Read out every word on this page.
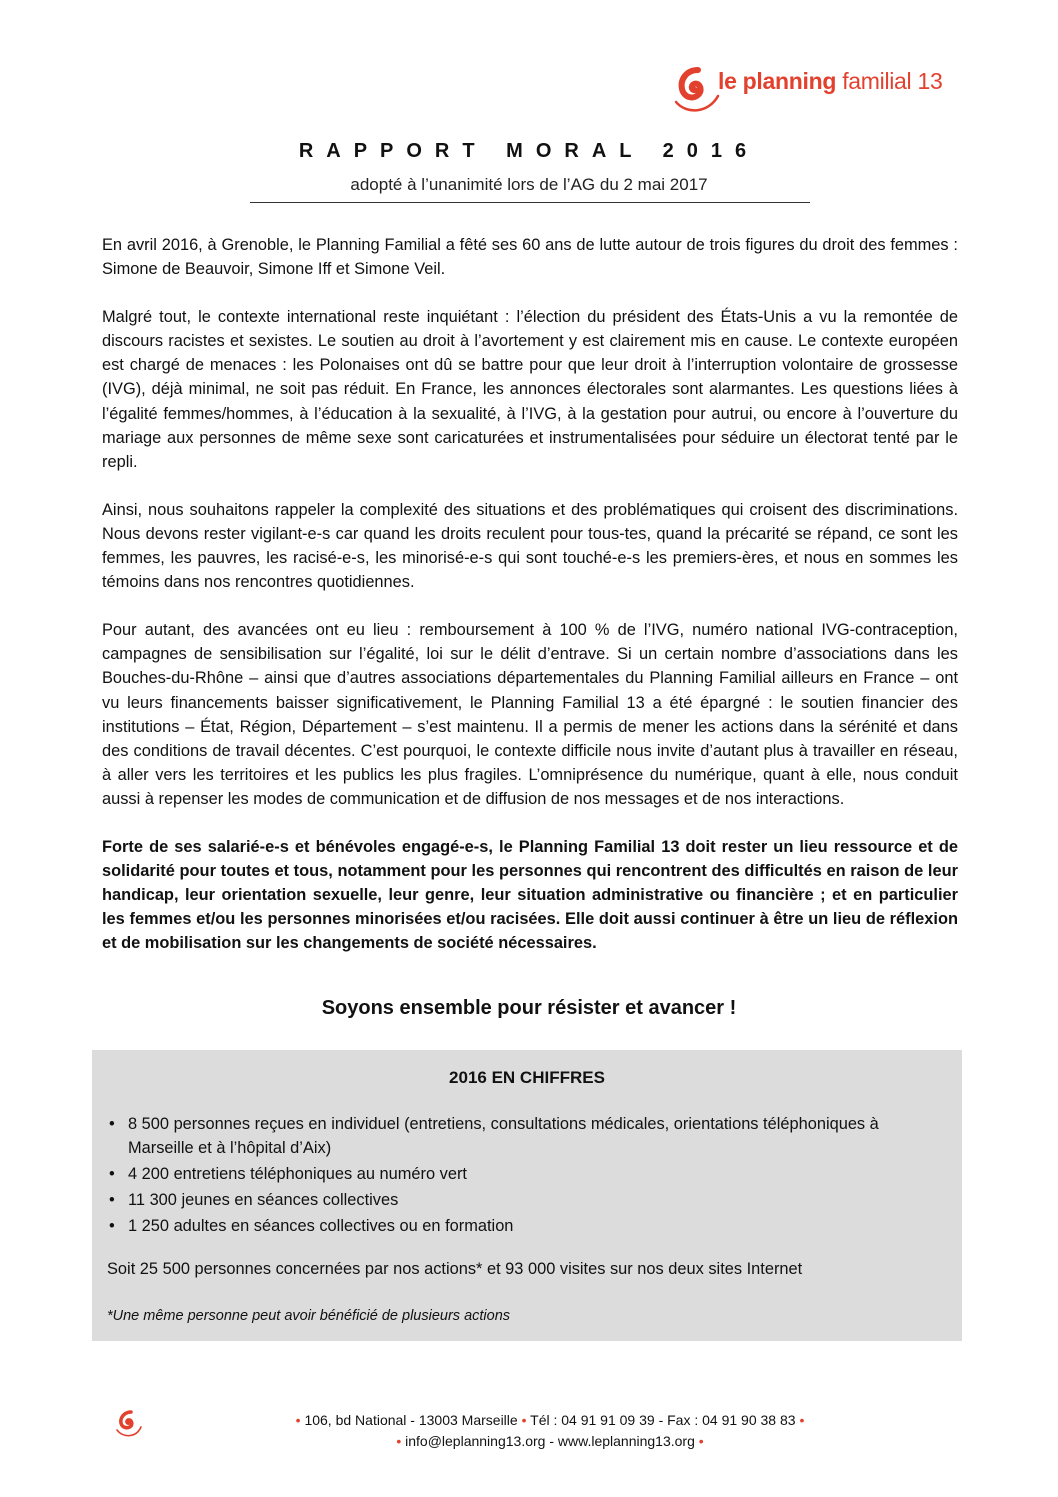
le planning familial 13
RAPPORT MORAL 2016
adopté à l’unanimité lors de l’AG du 2 mai 2017

En avril 2016, à Grenoble, le Planning Familial a fêté ses 60 ans de lutte autour de trois figures du droit des femmes : Simone de Beauvoir, Simone Iff et Simone Veil.

Malgré tout, le contexte international reste inquiétant : l’élection du président des États-Unis a vu la remontée de discours racistes et sexistes. Le soutien au droit à l’avortement y est clairement mis en cause. Le contexte européen est chargé de menaces : les Polonaises ont dû se battre pour que leur droit à l’interruption volontaire de grossesse (IVG), déjà minimal, ne soit pas réduit. En France, les annonces électorales sont alarmantes. Les questions liées à l’égalité femmes/hommes, à l’éducation à la sexualité, à l’IVG, à la gestation pour autrui, ou encore à l’ouverture du mariage aux personnes de même sexe sont caricaturées et instrumentalisées pour séduire un électorat tenté par le repli.

Ainsi, nous souhaitons rappeler la complexité des situations et des problématiques qui croisent des discriminations. Nous devons rester vigilant-e-s car quand les droits reculent pour tous-tes, quand la précarité se répand, ce sont les femmes, les pauvres, les racisé-e-s, les minorisé-e-s qui sont touché-e-s les premiers-ères, et nous en sommes les témoins dans nos rencontres quotidiennes.

Pour autant, des avancées ont eu lieu : remboursement à 100 % de l’IVG, numéro national IVG-contraception, campagnes de sensibilisation sur l’égalité, loi sur le délit d’entrave. Si un certain nombre d’associations dans les Bouches-du-Rhône – ainsi que d’autres associations départementales du Planning Familial ailleurs en France – ont vu leurs financements baisser significativement, le Planning Familial 13 a été épargné : le soutien financier des institutions – État, Région, Département – s’est maintenu. Il a permis de mener les actions dans la sérénité et dans des conditions de travail décentes. C’est pourquoi, le contexte difficile nous invite d’autant plus à travailler en réseau, à aller vers les territoires et les publics les plus fragiles. L’omniprésence du numérique, quant à elle, nous conduit aussi à repenser les modes de communication et de diffusion de nos messages et de nos interactions.

Forte de ses salarié-e-s et bénévoles engagé-e-s, le Planning Familial 13 doit rester un lieu ressource et de solidarité pour toutes et tous, notamment pour les personnes qui rencontrent des difficultés en raison de leur handicap, leur orientation sexuelle, leur genre, leur situation administrative ou financière ; et en particulier les femmes et/ou les personnes minorisées et/ou racisées. Elle doit aussi continuer à être un lieu de réflexion et de mobilisation sur les changements de société nécessaires.

Soyons ensemble pour résister et avancer !
2016 EN CHIFFRES
• 8 500 personnes reçues en individuel (entretiens, consultations médicales, orientations téléphoniques à Marseille et à l’hôpital d’Aix)
• 4 200 entretiens téléphoniques au numéro vert
• 11 300 jeunes en séances collectives
• 1 250 adultes en séances collectives ou en formation
Soit 25 500 personnes concernées par nos actions* et 93 000 visites sur nos deux sites Internet
*Une même personne peut avoir bénéficié de plusieurs actions
• 106, bd National - 13003 Marseille • Tél : 04 91 91 09 39 - Fax : 04 91 90 38 83 •
• info@leplanning13.org - www.leplanning13.org •
